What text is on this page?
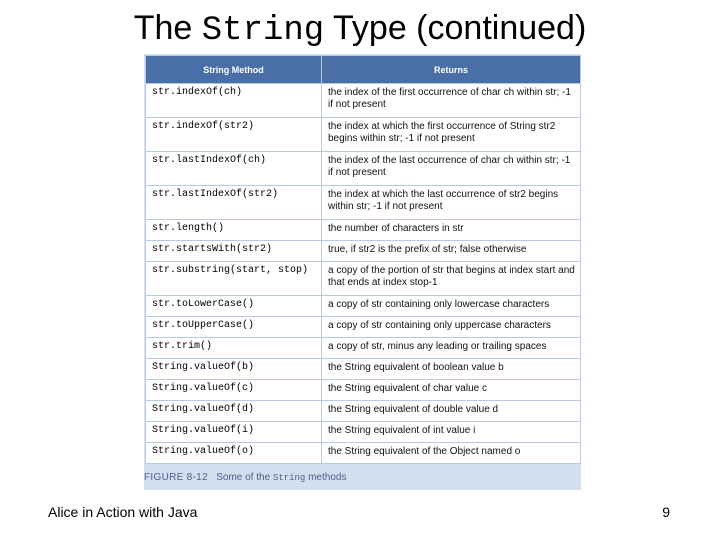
The String Type (continued)
String Method	Returns
str.indexOf(ch)	the index of the first occurrence of char ch within str; -1 if not present
str.indexOf(str2)	the index at which the first occurrence of String str2 begins within str; -1 if not present
str.lastIndexOf(ch)	the index of the last occurrence of char ch within str; -1 if not present
str.lastIndexOf(str2)	the index at which the last occurrence of str2 begins within str; -1 if not present
str.length()	the number of characters in str
str.startsWith(str2)	true, if str2 is the prefix of str; false otherwise
str.substring(start, stop)	a copy of the portion of str that begins at index start and that ends at index stop-1
str.toLowerCase()	a copy of str containing only lowercase characters
str.toUpperCase()	a copy of str containing only uppercase characters
str.trim()	a copy of str, minus any leading or trailing spaces
String.valueOf(b)	the String equivalent of boolean value b
String.valueOf(c)	the String equivalent of char value c
String.valueOf(d)	the String equivalent of double value d
String.valueOf(i)	the String equivalent of int value i
String.valueOf(o)	the String equivalent of the Object named o
FIGURE 8-12 Some of the String methods
Alice in Action with Java	9
